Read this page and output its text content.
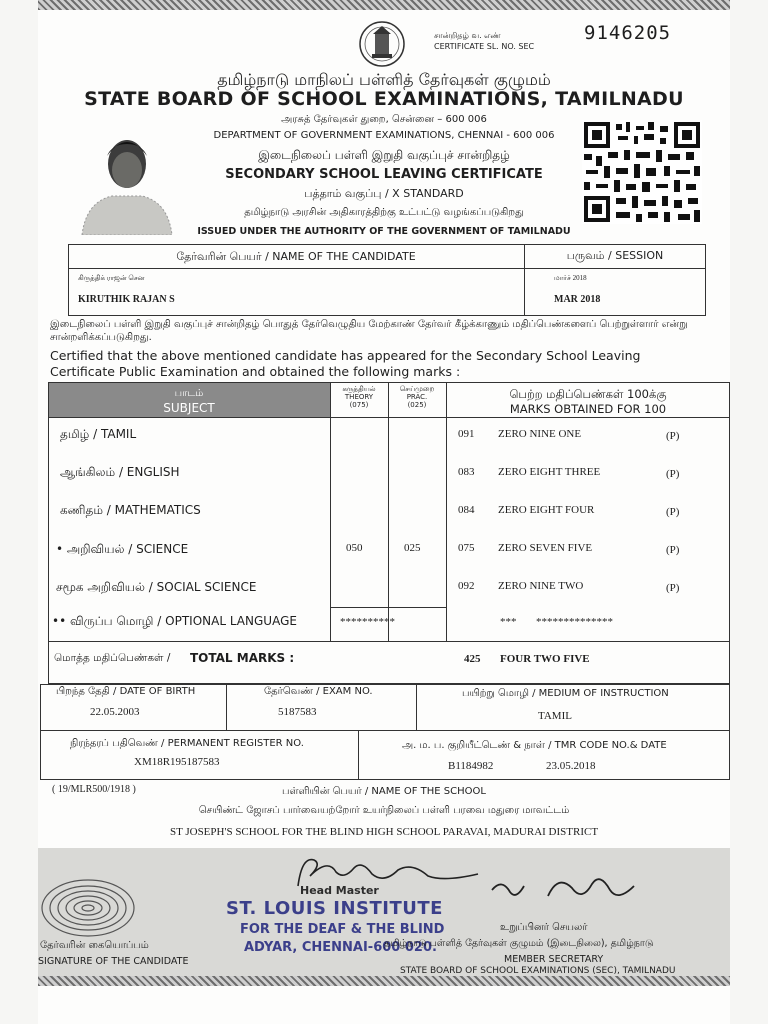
சான்றிதழ் வ. எண்
CERTIFICATE SL. NO. SEC
9146205
தமிழ்நாடு மாநிலப் பள்ளித் தேர்வுகள் குழுமம்
STATE BOARD OF SCHOOL EXAMINATIONS, TAMILNADU
அரசுத் தேர்வுகள் துறை, சென்னை – 600 006
DEPARTMENT OF GOVERNMENT EXAMINATIONS, CHENNAI - 600 006
இடைநிலைப் பள்ளி இறுதி வகுப்புச் சான்றிதழ்
SECONDARY SCHOOL LEAVING CERTIFICATE
பத்தாம் வகுப்பு / X STANDARD
தமிழ்நாடு அரசின் அதிகாரத்திற்கு உட்பட்டு வழங்கப்படுகிறது
ISSUED UNDER THE AUTHORITY OF THE GOVERNMENT OF TAMILNADU
தேர்வரின் பெயர் / NAME OF THE CANDIDATE	பருவம் / SESSION
கிருத்திக் ராஜன் சென
KIRUTHIK RAJAN S
மார்ச் 2018
MAR 2018
இடைநிலைப் பள்ளி இறுதி வகுப்புச் சான்றிதழ் பொதுத் தேர்வெழுதிய மேற்காண் தேர்வர் கீழ்க்காணும் மதிப்பெண்களைப் பெற்றுள்ளார் என்று சான்றளிக்கப்படுகிறது.
Certified that the above mentioned candidate has appeared for the Secondary School Leaving
Certificate Public Examination and obtained the following marks :
பாடம்
SUBJECT
கருத்தியல்
THEORY
(075)
செய்முறை
PRAC.
(025)
பெற்ற மதிப்பெண்கள் 100க்கு
MARKS OBTAINED FOR 100
தமிழ் / TAMIL	091 ZERO NINE ONE	(P)
ஆங்கிலம் / ENGLISH	083 ZERO EIGHT THREE	(P)
கணிதம் / MATHEMATICS	084 ZERO EIGHT FOUR	(P)
• அறிவியல் / SCIENCE	050	025	075 ZERO SEVEN FIVE	(P)
சமூக அறிவியல் / SOCIAL SCIENCE	092 ZERO NINE TWO	(P)
•• விருப்ப மொழி / OPTIONAL LANGUAGE	**********	*** **************
மொத்த மதிப்பெண்கள் / TOTAL MARKS :	425 FOUR TWO FIVE
பிறந்த தேதி / DATE OF BIRTH
22.05.2003
தேர்வெண் / EXAM NO.
5187583
பயிற்று மொழி / MEDIUM OF INSTRUCTION
TAMIL
நிரந்தரப் பதிவெண் / PERMANENT REGISTER NO.
XM18R195187583
அ. ம. ப. குறியீட்டெண் & நாள் / TMR CODE NO.& DATE
B1184982	23.05.2018
( 19/MLR500/1918 )	பள்ளியின் பெயர் / NAME OF THE SCHOOL
செயிண்ட் ஜோசப் பார்வையற்றோர் உயர்நிலைப் பள்ளி பரவை மதுரை மாவட்டம்
ST JOSEPH'S SCHOOL FOR THE BLIND HIGH SCHOOL PARAVAI, MADURAI DISTRICT
Head Master
ST. LOUIS INSTITUTE
FOR THE DEAF & THE BLIND
ADYAR, CHENNAI-600 020.
தேர்வரின் கையொப்பம்
SIGNATURE OF THE CANDIDATE
உறுப்பினர் செயலர்
தமிழ்நாடு பள்ளித் தேர்வுகள் குழுமம் (இடைநிலை), தமிழ்நாடு
MEMBER SECRETARY
STATE BOARD OF SCHOOL EXAMINATIONS (SEC), TAMILNADU
